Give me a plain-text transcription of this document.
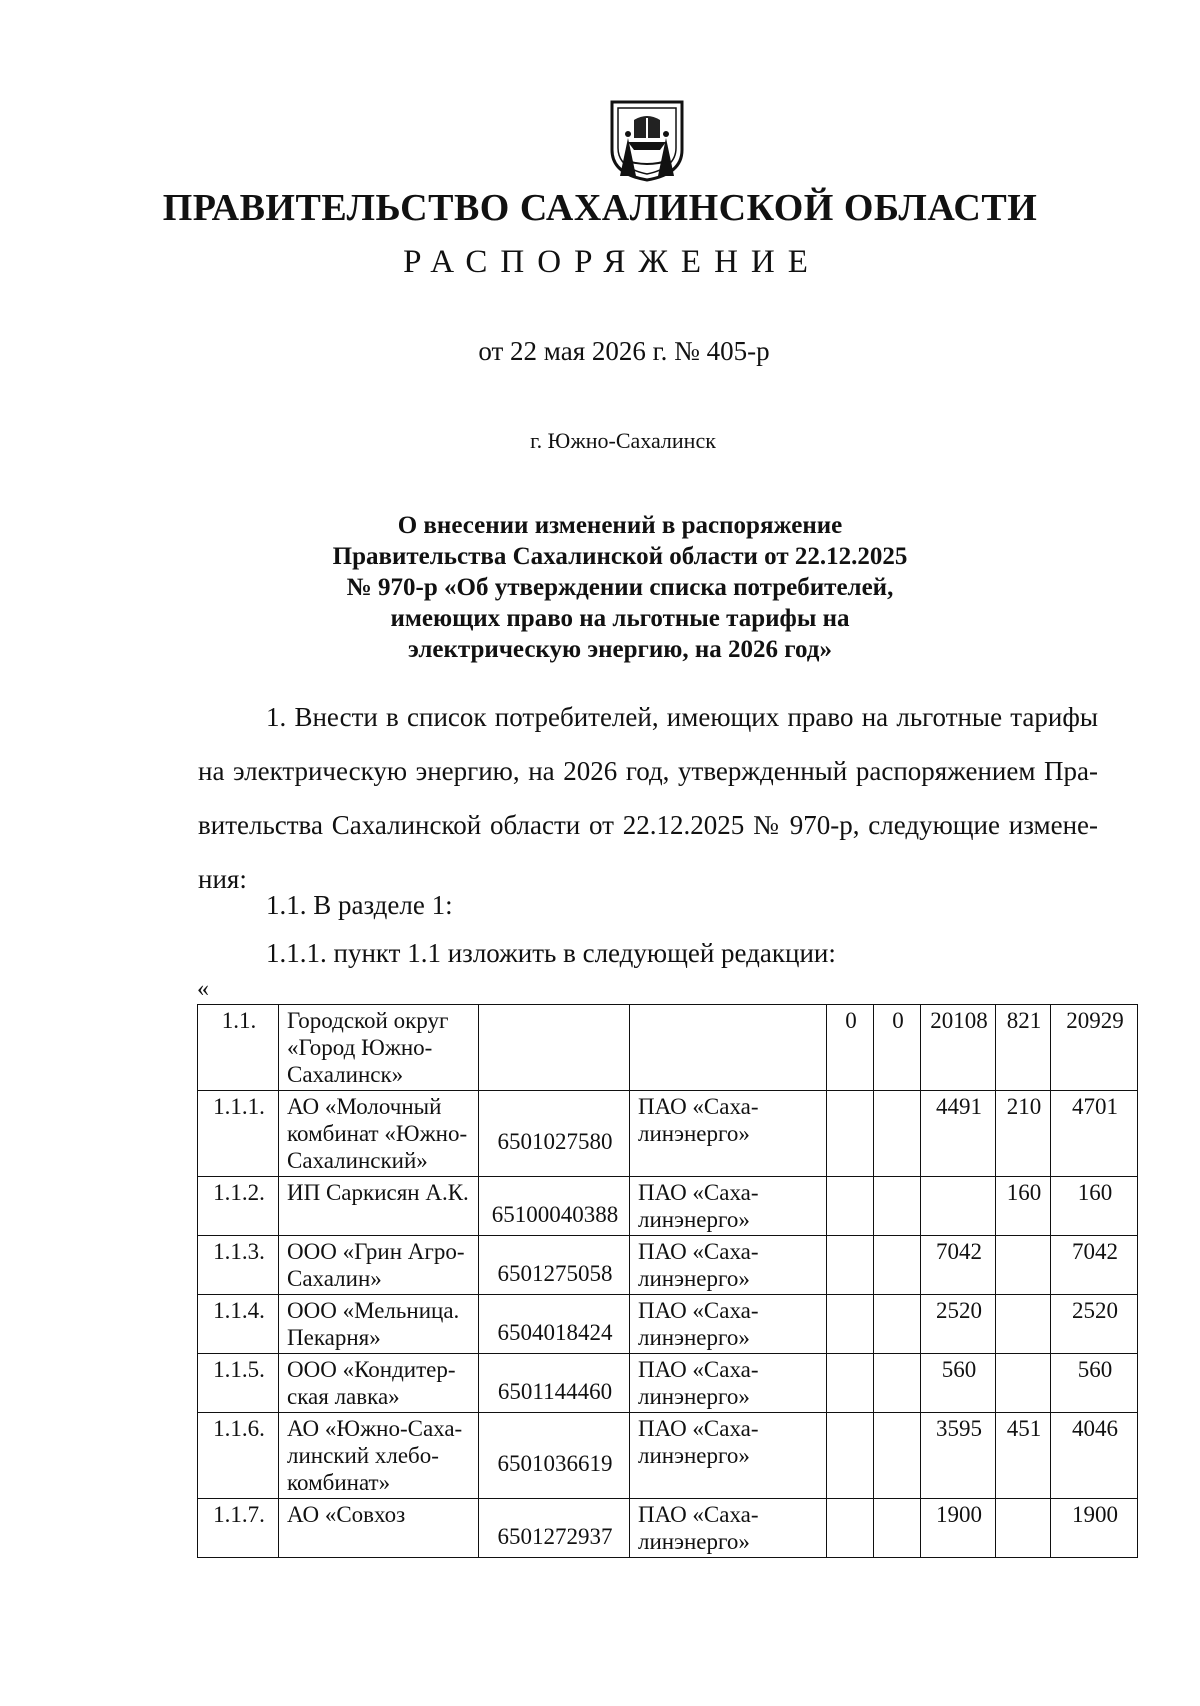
ПРАВИТЕЛЬСТВО САХАЛИНСКОЙ ОБЛАСТИ
РАСПОРЯЖЕНИЕ
от 22 мая 2026 г. № 405-р
г. Южно-Сахалинск
О внесении изменений в распоряжение
Правительства Сахалинской области от 22.12.2025
№ 970-р «Об утверждении списка потребителей,
имеющих право на льготные тарифы на
электрическую энергию, на 2026 год»
1. Внести в список потребителей, имеющих право на льготные тарифы
на электрическую энергию, на 2026 год, утвержденный распоряжением Пра-
вительства Сахалинской области от 22.12.2025 № 970-р, следующие измене-
ния:
1.1. В разделе 1:
1.1.1. пункт 1.1 изложить в следующей редакции:
«
1.1.	Городской округ «Город Южно-Сахалинск»			0	0	20108	821	20929
1.1.1.	АО «Молочный комбинат «Южно-Сахалинский»	6501027580	ПАО «Саха-линэнерго»			4491	210	4701
1.1.2.	ИП Саркисян А.К.	65100040388	ПАО «Саха-линэнерго»				160	160
1.1.3.	ООО «Грин Агро-Сахалин»	6501275058	ПАО «Саха-линэнерго»			7042		7042
1.1.4.	ООО «Мельница. Пекарня»	6504018424	ПАО «Саха-линэнерго»			2520		2520
1.1.5.	ООО «Кондитер-ская лавка»	6501144460	ПАО «Саха-линэнерго»			560		560
1.1.6.	АО «Южно-Саха-линский хлебо-комбинат»	6501036619	ПАО «Саха-линэнерго»			3595	451	4046
1.1.7.	АО «Совхоз	6501272937	ПАО «Саха-линэнерго»			1900		1900
